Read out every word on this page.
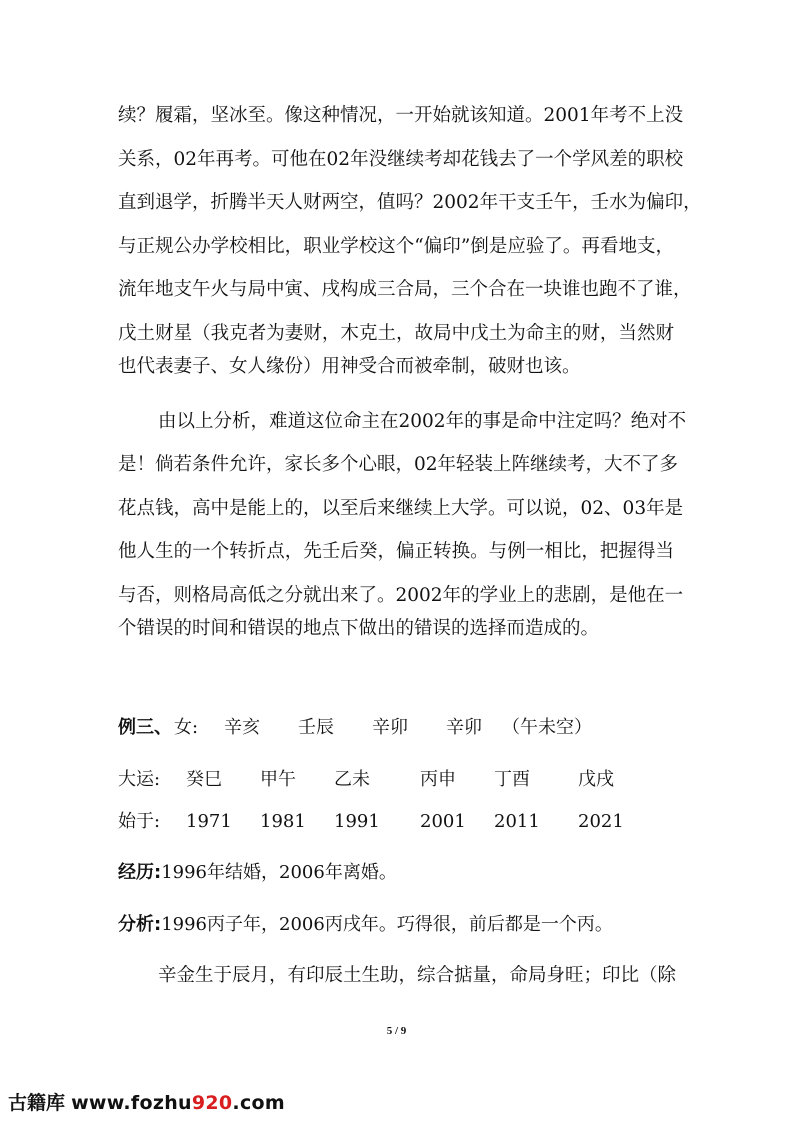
续？履霜，坚冰至。像这种情况，一开始就该知道。2001年考不上没
关系，02年再考。可他在02年没继续考却花钱去了一个学风差的职校
直到退学，折腾半天人财两空，值吗？2002年干支壬午，壬水为偏印，
与正规公办学校相比，职业学校这个“偏印”倒是应验了。再看地支，
流年地支午火与局中寅、戌构成三合局，三个合在一块谁也跑不了谁，
戊土财星（我克者为妻财，木克土，故局中戊土为命主的财，当然财
也代表妻子、女人缘份）用神受合而被牵制，破财也该。
由以上分析，难道这位命主在2002年的事是命中注定吗？绝对不
是！倘若条件允许，家长多个心眼，02年轻装上阵继续考，大不了多
花点钱，高中是能上的，以至后来继续上大学。可以说，02、03年是
他人生的一个转折点，先壬后癸，偏正转换。与例一相比，把握得当
与否，则格局高低之分就出来了。2002年的学业上的悲剧，是他在一
个错误的时间和错误的地点下做出的错误的选择而造成的。
例三、 女: 辛亥 壬辰 辛卯 辛卯 （午未空）
大运: 癸巳 甲午 乙未	丙申 丁酉	戊戌
始于: 1971 1981 1991 2001 2011 2021
经历:1996年结婚，2006年离婚。
分析:1996丙子年，2006丙戌年。巧得很，前后都是一个丙。
辛金生于辰月，有印辰土生助，综合掂量，命局身旺；印比（除
5 / 9
古籍库 www.fozhu920.com
